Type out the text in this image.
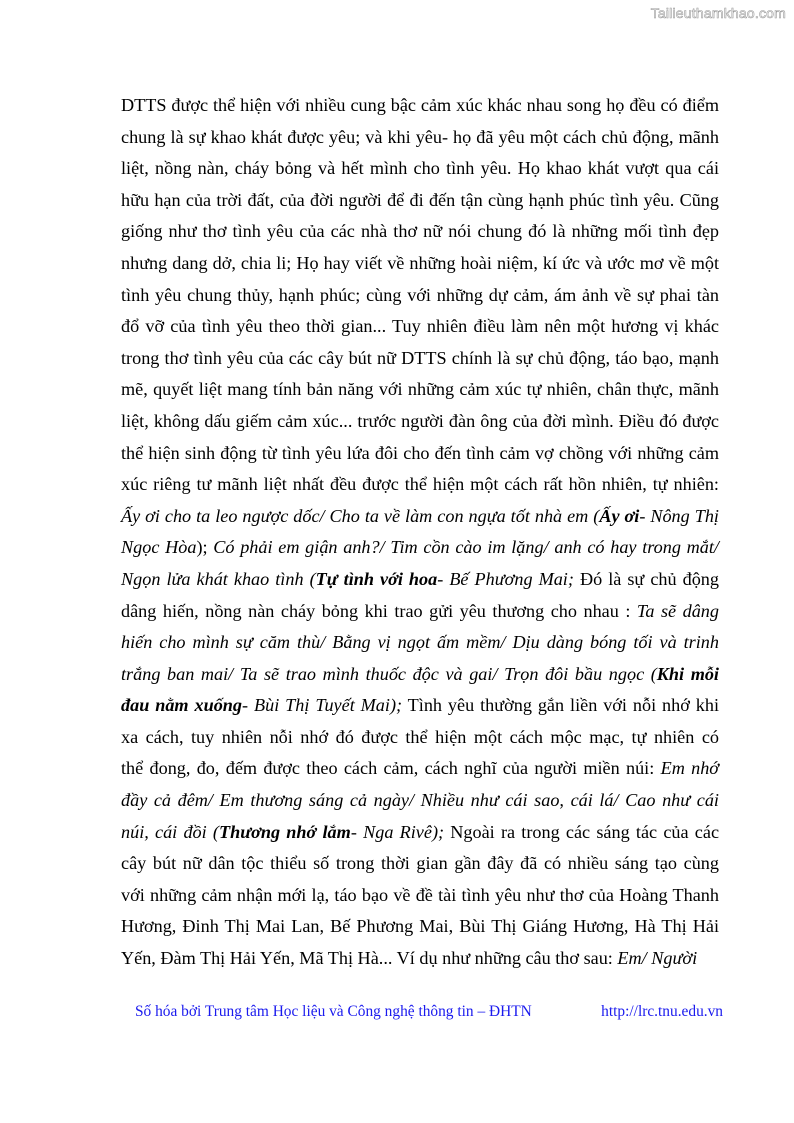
Tailieuthamkhao.com
DTTS được thể hiện với nhiều cung bậc cảm xúc khác nhau song họ đều có điểm
chung là sự khao khát được yêu; và khi yêu- họ đã yêu một cách chủ động, mãnh
liệt, nồng nàn, cháy bỏng và hết mình cho tình yêu. Họ khao khát vượt qua cái
hữu hạn của trời đất, của đời người để đi đến tận cùng hạnh phúc tình yêu. Cũng
giống như thơ tình yêu của các nhà thơ nữ nói chung đó là những mối tình đẹp
nhưng dang dở, chia li; Họ hay viết về những hoài niệm, kí ức và ước mơ về một
tình yêu chung thủy, hạnh phúc; cùng với những dự cảm, ám ảnh về sự phai tàn
đổ vỡ của tình yêu theo thời gian... Tuy nhiên điều làm nên một hương vị khác
trong thơ tình yêu của các cây bút nữ DTTS chính là sự chủ động, táo bạo, mạnh
mẽ, quyết liệt mang tính bản năng với những cảm xúc tự nhiên, chân thực, mãnh
liệt, không dấu giếm cảm xúc... trước người đàn ông của đời mình. Điều đó được
thể hiện sinh động từ tình yêu lứa đôi cho đến tình cảm vợ chồng với những cảm
xúc riêng tư mãnh liệt nhất đều được thể hiện một cách rất hồn nhiên, tự nhiên:
Ấy ơi cho ta leo ngược dốc/ Cho ta về làm con ngựa tốt nhà em (Ấy ơi- Nông Thị
Ngọc Hòa); Có phải em giận anh?/ Tim cồn cào im lặng/ anh có hay trong mắt/
Ngọn lửa khát khao tình (Tự tình với hoa- Bế Phương Mai; Đó là sự chủ động
dâng hiến, nồng nàn cháy bỏng khi trao gửi yêu thương cho nhau : Ta sẽ dâng
hiến cho mình sự căm thù/ Bằng vị ngọt ấm mềm/ Dịu dàng bóng tối và trinh
trắng ban mai/ Ta sẽ trao mình thuốc độc và gai/ Trọn đôi bầu ngọc (Khi mỗi
đau nằm xuống- Bùi Thị Tuyết Mai); Tình yêu thường gắn liền với nỗi nhớ khi
xa cách, tuy nhiên nỗi nhớ đó được thể hiện một cách mộc mạc, tự nhiên có
thể đong, đo, đếm được theo cách cảm, cách nghĩ của người miền núi: Em nhớ
đầy cả đêm/ Em thương sáng cả ngày/ Nhiều như cái sao, cái lá/ Cao như cái
núi, cái đồi (Thương nhớ lắm- Nga Rivê); Ngoài ra trong các sáng tác của các
cây bút nữ dân tộc thiểu số trong thời gian gần đây đã có nhiều sáng tạo cùng
với những cảm nhận mới lạ, táo bạo về đề tài tình yêu như thơ của Hoàng Thanh
Hương, Đinh Thị Mai Lan, Bế Phương Mai, Bùi Thị Giáng Hương, Hà Thị Hải
Yến, Đàm Thị Hải Yến, Mã Thị Hà... Ví dụ như những câu thơ sau: Em/ Người
Số hóa bởi Trung tâm Học liệu và Công nghệ thông tin – ĐHTN	http://lrc.tnu.edu.vn
